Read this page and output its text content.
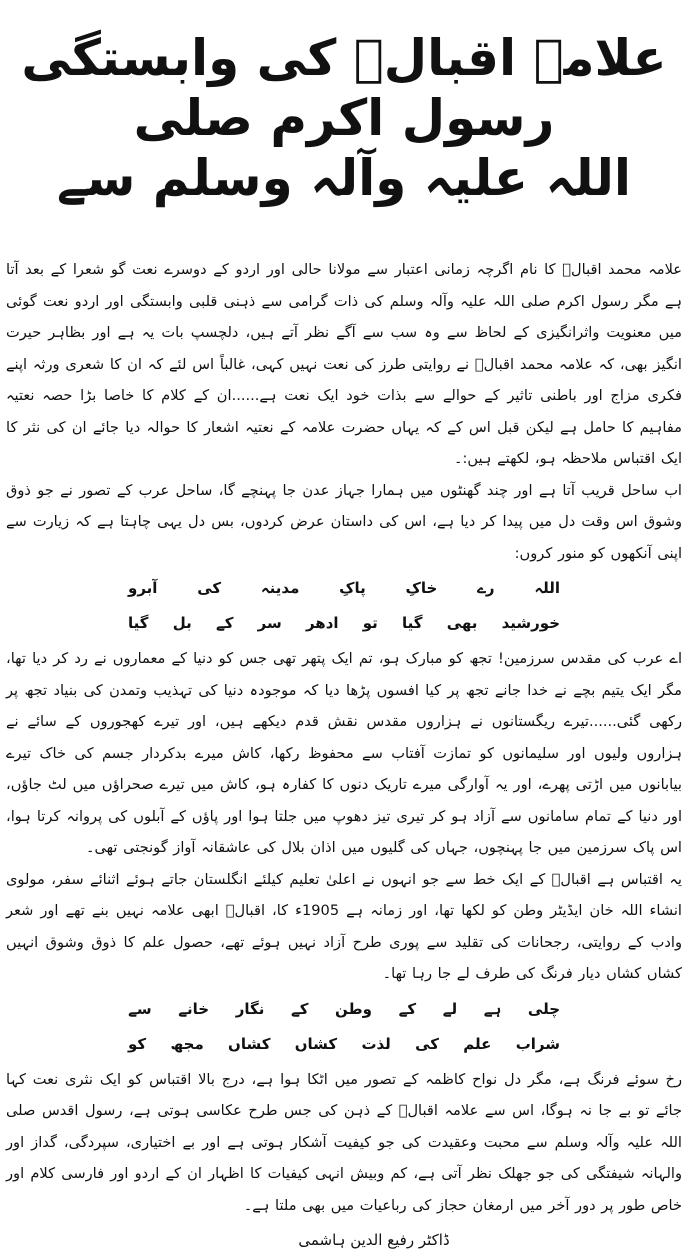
علامہ اقبالؒ کی وابستگی رسول اکرم صلی
اللہ علیہ وآلہ وسلم سے

علامہ محمد اقبالؒ کا نام اگرچہ زمانی اعتبار سے مولانا حالی اور اردو کے دوسرے نعت گو شعرا کے بعد آتا ہے مگر رسول اکرم صلی اللہ علیہ وآلہ وسلم کی ذات گرامی سے ذہنی قلبی وابستگی اور اردو نعت گوئی میں معنویت واثرانگیزی کے لحاظ سے وہ سب سے آگے نظر آتے ہیں، دلچسپ بات یہ ہے اور بظاہر حیرت انگیز بھی، کہ علامہ محمد اقبالؒ نے روایتی طرز کی نعت نہیں کہی، غالباً اس لئے کہ ان کا شعری ورثہ اپنے فکری مزاج اور باطنی تاثیر کے حوالے سے بذات خود ایک نعت ہے......ان کے کلام کا خاصا بڑا حصہ نعتیہ مفاہیم کا حامل ہے لیکن قبل اس کے کہ یہاں حضرت علامہ کے نعتیہ اشعار کا حوالہ دیا جائے ان کی نثر کا ایک اقتباس ملاحظہ ہو، لکھتے ہیں:۔

اب ساحل قریب آتا ہے اور چند گھنٹوں میں ہمارا جہاز عدن جا پہنچے گا، ساحل عرب کے تصور نے جو ذوق وشوق اس وقت دل میں پیدا کر دیا ہے، اس کی داستان عرض کردوں، بس دل یہی چاہتا ہے کہ زیارت سے اپنی آنکھوں کو منور کروں:

اللہ
رے
خاکِ
پاکِ
مدینہ
کی
آبرو
خورشید
بھی
گیا
تو
ادھر
سر
کے
بل
گیا

اے عرب کی مقدس سرزمین! تجھ کو مبارک ہو، تم ایک پتھر تھی جس کو دنیا کے معماروں نے رد کر دیا تھا، مگر ایک یتیم بچے نے خدا جانے تجھ پر کیا افسوں پڑھا دیا کہ موجودہ دنیا کی تہذیب وتمدن کی بنیاد تجھ پر رکھی گئی......تیرے ریگستانوں نے ہزاروں مقدس نقش قدم دیکھے ہیں، اور تیرے کھجوروں کے سائے نے ہزاروں ولیوں اور سلیمانوں کو تمازت آفتاب سے محفوظ رکھا، کاش میرے بدکردار جسم کی خاک تیرے بیابانوں میں اڑتی پھرے، اور یہ آوارگی میرے تاریک دنوں کا کفارہ ہو، کاش میں تیرے صحراؤں میں لٹ جاؤں، اور دنیا کے تمام سامانوں سے آزاد ہو کر تیری تیز دھوپ میں جلتا ہوا اور پاؤں کے آبلوں کی پروانہ کرتا ہوا، اس پاک سرزمین میں جا پہنچوں، جہاں کی گلیوں میں اذان بلال کی عاشقانہ آواز گونجتی تھی۔

یہ اقتباس ہے اقبالؒ کے ایک خط سے جو انہوں نے اعلیٰ تعلیم کیلئے انگلستان جاتے ہوئے اثنائے سفر، مولوی انشاء اللہ خان ایڈیٹر وطن کو لکھا تھا، اور زمانہ ہے 1905ء کا، اقبالؒ ابھی علامہ نہیں بنے تھے اور شعر وادب کے روایتی، رجحانات کی تقلید سے پوری طرح آزاد نہیں ہوئے تھے، حصول علم کا ذوق وشوق انہیں کشاں کشاں دیار فرنگ کی طرف لے جا رہا تھا۔

چلی
ہے
لے
کے
وطن
کے
نگار
خانے
سے
شراب
علم
کی
لذت
کشاں
کشاں
مجھ
کو

رخ سوئے فرنگ ہے، مگر دل نواح کاظمہ کے تصور میں اٹکا ہوا ہے، درج بالا اقتباس کو ایک نثری نعت کہا جائے تو بے جا نہ ہوگا، اس سے علامہ اقبالؒ کے ذہن کی جس طرح عکاسی ہوتی ہے، رسول اقدس صلی اللہ علیہ وآلہ وسلم سے محبت وعقیدت کی جو کیفیت آشکار ہوتی ہے اور بے اختیاری، سپردگی، گداز اور والہانہ شیفتگی کی جو جھلک نظر آتی ہے، کم وبیش انہی کیفیات کا اظہار ان کے اردو اور فارسی کلام اور خاص طور پر دور آخر میں ارمغان حجاز کی رباعیات میں بھی ملتا ہے۔

ڈاکٹر رفیع الدین ہاشمی
